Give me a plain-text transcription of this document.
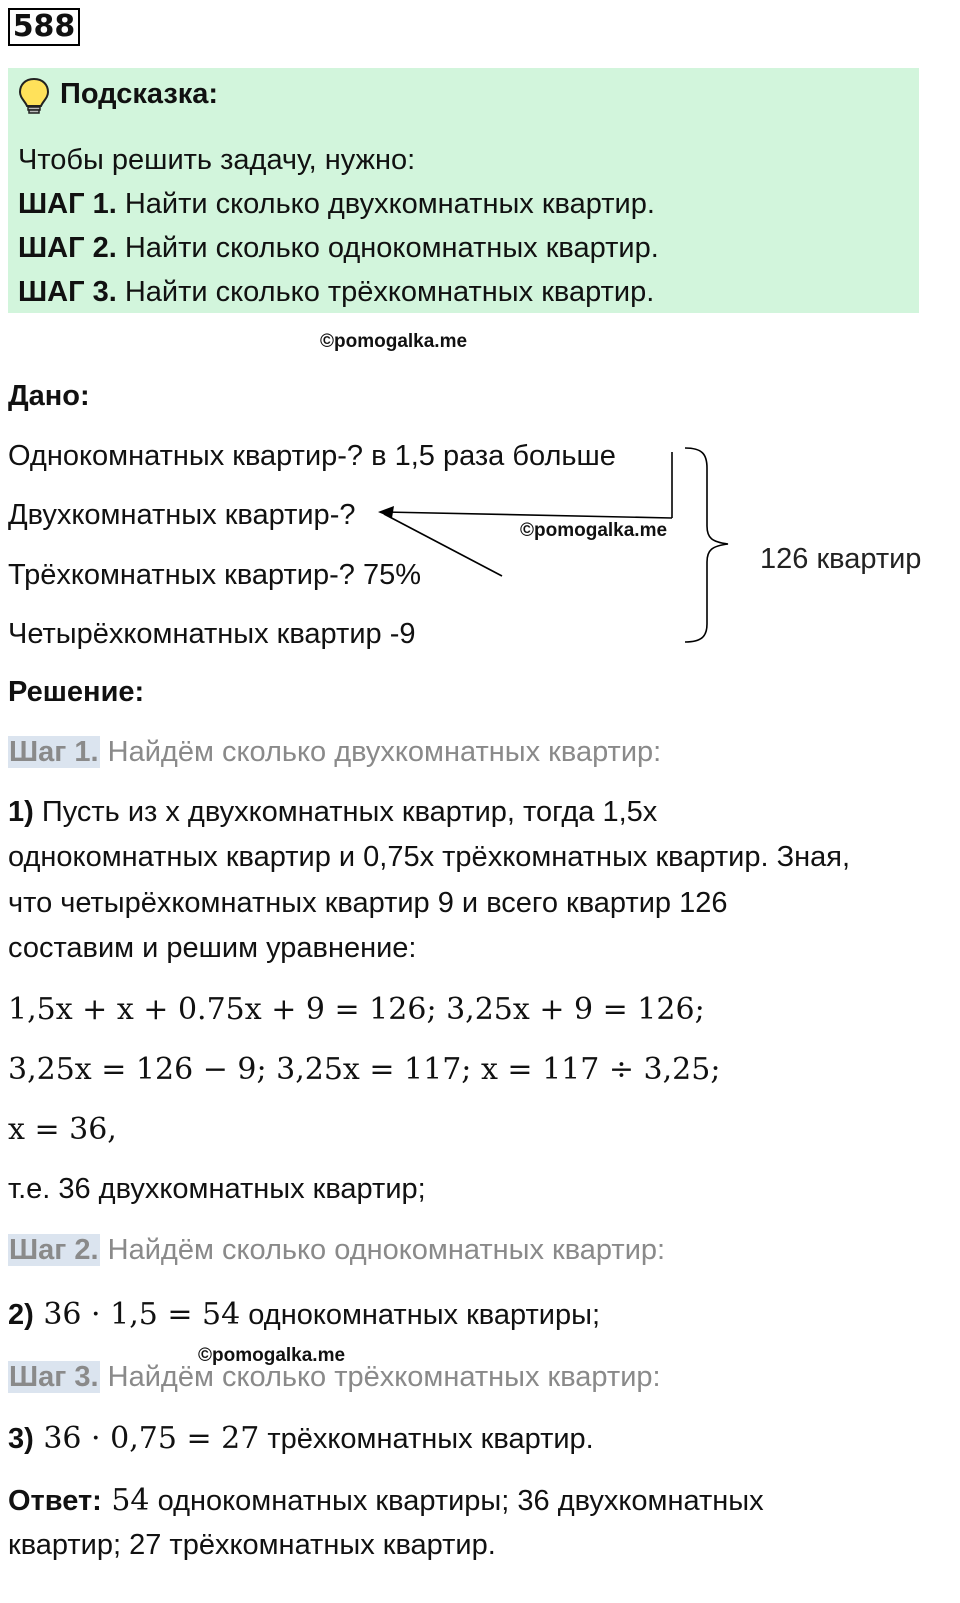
588
Подсказка:
Чтобы решить задачу, нужно:
ШАГ 1. Найти сколько двухкомнатных квартир.
ШАГ 2. Найти сколько однокомнатных квартир.
ШАГ 3. Найти сколько трёхкомнатных квартир.
©pomogalka.me
Дано:
Однокомнатных квартир-? в 1,5 раза больше
Двухкомнатных квартир-?	©pomogalka.me
Трёхкомнатных квартир-? 75%
Четырёхкомнатных квартир -9
126 квартир
Решение:
Шаг 1. Найдём сколько двухкомнатных квартир:
1) Пусть из x двухкомнатных квартир, тогда 1,5x
однокомнатных квартир и 0,75x трёхкомнатных квартир. Зная,
что четырёхкомнатных квартир 9 и всего квартир 126
составим и решим уравнение:
1,5x + x + 0.75x + 9 = 126; 3,25x + 9 = 126;
3,25x = 126 − 9; 3,25x = 117; x = 117 ÷ 3,25;
x = 36,
т.е. 36 двухкомнатных квартир;
Шаг 2. Найдём сколько однокомнатных квартир:
2) 36 · 1,5 = 54 однокомнатных квартиры;
©pomogalka.me
Шаг 3. Найдём сколько трёхкомнатных квартир:
3) 36 · 0,75 = 27 трёхкомнатных квартир.
Ответ: 54 однокомнатных квартиры; 36 двухкомнатных
квартир; 27 трёхкомнатных квартир.
